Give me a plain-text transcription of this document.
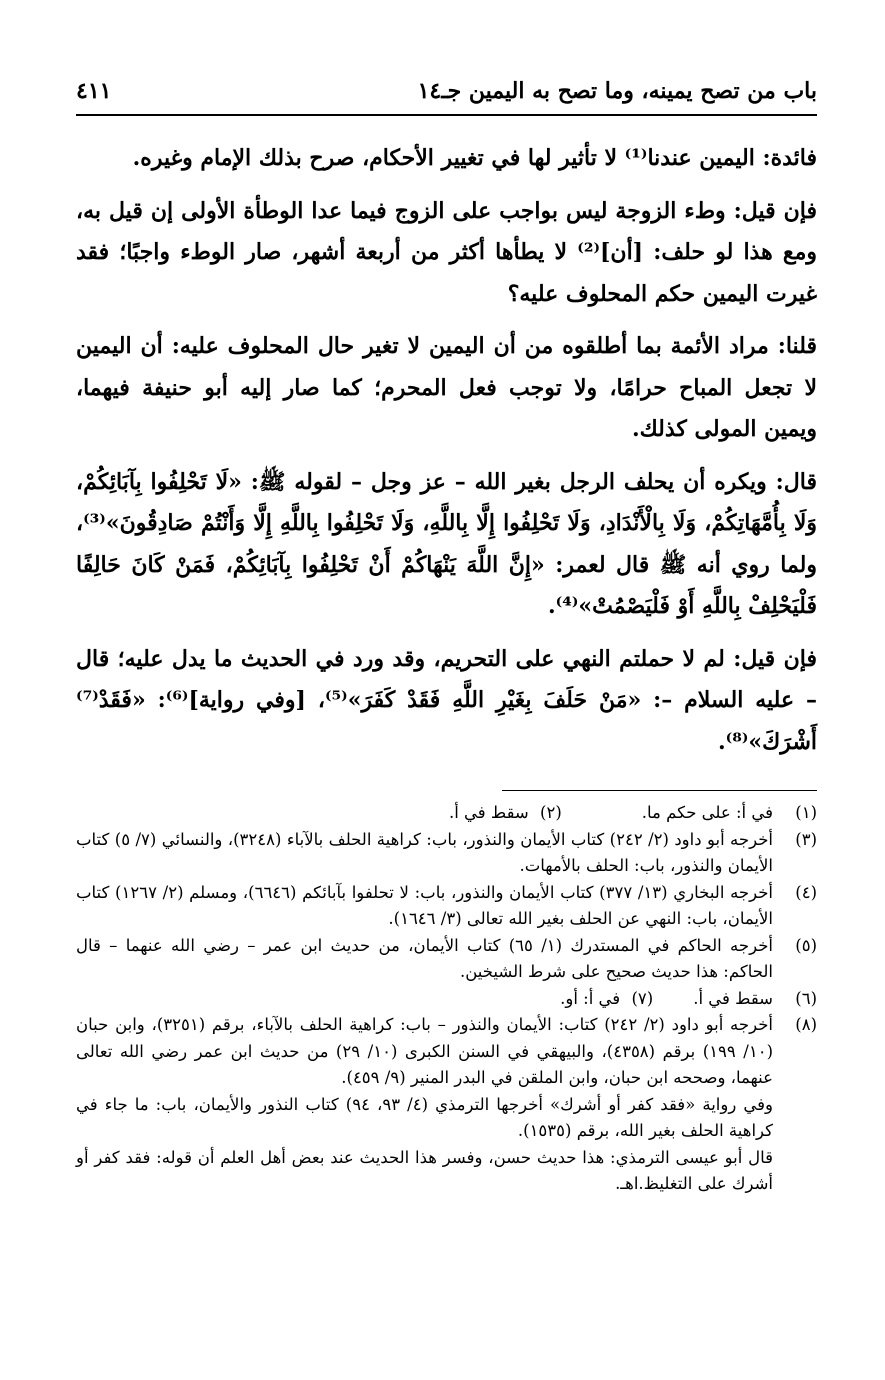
باب من تصح يمينه، وما تصح به اليمين جـ١٤
٤١١

فائدة: اليمين عندنا⁽¹⁾ لا تأثير لها في تغيير الأحكام، صرح بذلك الإمام وغيره.

فإن قيل: وطء الزوجة ليس بواجب على الزوج فيما عدا الوطأة الأولى إن قيل به، ومع هذا لو حلف: [أن]⁽²⁾ لا يطأها أكثر من أربعة أشهر، صار الوطء واجبًا؛ فقد غيرت اليمين حكم المحلوف عليه؟

قلنا: مراد الأئمة بما أطلقوه من أن اليمين لا تغير حال المحلوف عليه: أن اليمين لا تجعل المباح حرامًا، ولا توجب فعل المحرم؛ كما صار إليه أبو حنيفة فيهما، ويمين المولى كذلك.

قال: ويكره أن يحلف الرجل بغير الله – عز وجل – لقوله ﷺ: «لَا تَحْلِفُوا بِآبَائِكُمْ، وَلَا بِأُمَّهَاتِكُمْ، وَلَا بِالْأَنْدَادِ، وَلَا تَحْلِفُوا إِلَّا بِاللَّهِ، وَلَا تَحْلِفُوا بِاللَّهِ إِلَّا وَأَنْتُمْ صَادِقُونَ»⁽³⁾، ولما روي أنه ﷺ قال لعمر: «إِنَّ اللَّهَ يَنْهَاكُمْ أَنْ تَحْلِفُوا بِآبَائِكُمْ، فَمَنْ كَانَ حَالِفًا فَلْيَحْلِفْ بِاللَّهِ أَوْ فَلْيَصْمُتْ»⁽⁴⁾.

فإن قيل: لم لا حملتم النهي على التحريم، وقد ورد في الحديث ما يدل عليه؛ قال – عليه السلام –: «مَنْ حَلَفَ بِغَيْرِ اللَّهِ فَقَدْ كَفَرَ»⁽⁵⁾، [وفي رواية]⁽⁶⁾: «فَقَدْ⁽⁷⁾ أَشْرَكَ»⁽⁸⁾.

(١)
في أ: على حكم ما.(٢) سقط في أ.
(٣)
أخرجه أبو داود (٢/ ٢٤٢) كتاب الأيمان والنذور، باب: كراهية الحلف بالآباء (٣٢٤٨)، والنسائي (٧/ ٥) كتاب الأيمان والنذور، باب: الحلف بالأمهات.
(٤)
أخرجه البخاري (١٣/ ٣٧٧) كتاب الأيمان والنذور، باب: لا تحلفوا بآبائكم (٦٦٤٦)، ومسلم (٢/ ١٢٦٧) كتاب الأيمان، باب: النهي عن الحلف بغير الله تعالى (٣/ ١٦٤٦).
(٥)
أخرجه الحاكم في المستدرك (١/ ٦٥) كتاب الأيمان، من حديث ابن عمر – رضي الله عنهما – قال الحاكم: هذا حديث صحيح على شرط الشيخين.
(٦)
سقط في أ.(٧) في أ: أو.
(٨)
أخرجه أبو داود (٢/ ٢٤٢) كتاب: الأيمان والنذور – باب: كراهية الحلف بالآباء، برقم (٣٢٥١)، وابن حبان (١٠/ ١٩٩) برقم (٤٣٥٨)، والبيهقي في السنن الكبرى (١٠/ ٢٩) من حديث ابن عمر رضي الله تعالى عنهما، وصححه ابن حبان، وابن الملقن في البدر المنير (٩/ ٤٥٩).

وفي رواية «فقد كفر أو أشرك» أخرجها الترمذي (٤/ ٩٣، ٩٤) كتاب النذور والأيمان، باب: ما جاء في كراهية الحلف بغير الله، برقم (١٥٣٥).

قال أبو عيسى الترمذي: هذا حديث حسن، وفسر هذا الحديث عند بعض أهل العلم أن قوله: فقد كفر أو أشرك على التغليظ.اهـ.
